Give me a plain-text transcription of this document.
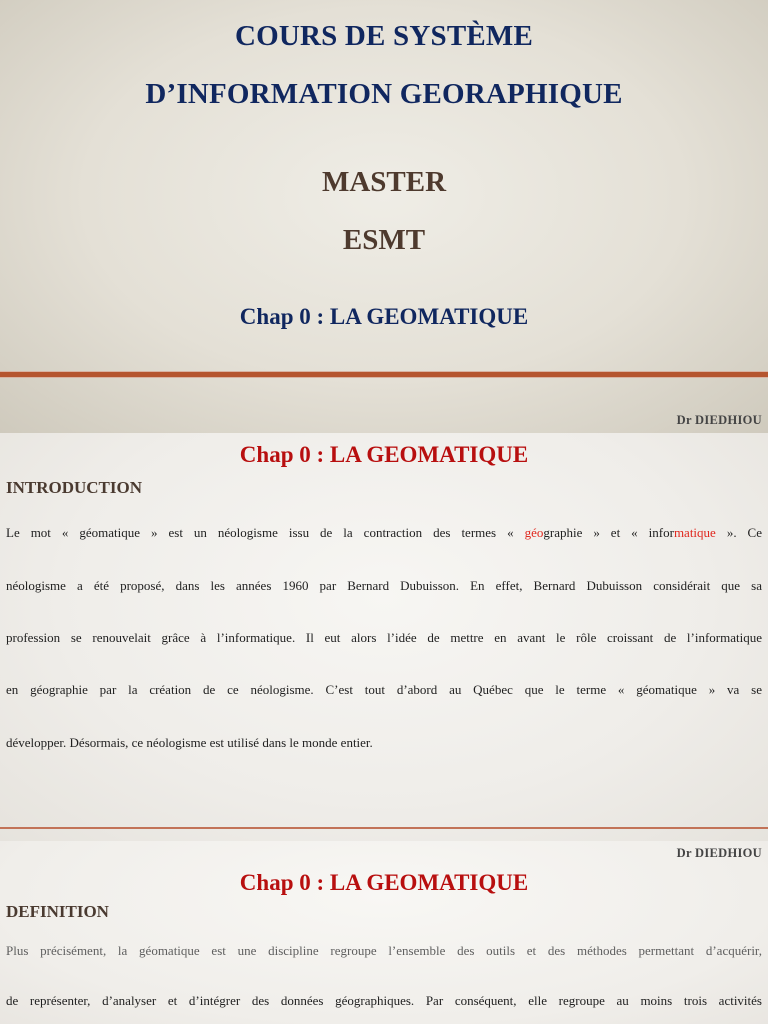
COURS DE SYSTÈME
D’INFORMATION GEORAPHIQUE
MASTER
ESMT
Chap 0 : LA GEOMATIQUE
Dr DIEDHIOU
Chap 0 : LA GEOMATIQUE
INTRODUCTION
Le mot « géomatique » est un néologisme issu de la contraction des termes « géographie » et « informatique ». Ce
néologisme a été proposé, dans les années 1960 par Bernard Dubuisson. En effet, Bernard Dubuisson considérait que sa
profession se renouvelait grâce à l’informatique. Il eut alors l’idée de mettre en avant le rôle croissant de l’informatique
en géographie par la création de ce néologisme. C’est tout d’abord au Québec que le terme « géomatique » va se
développer. Désormais, ce néologisme est utilisé dans le monde entier.
Dr DIEDHIOU
Chap 0 : LA GEOMATIQUE
DEFINITION
Plus précisément, la géomatique est une discipline regroupe l’ensemble des outils et des méthodes permettant d’acquérir,
de représenter, d’analyser et d’intégrer des données géographiques. Par conséquent, elle regroupe au moins trois activités
